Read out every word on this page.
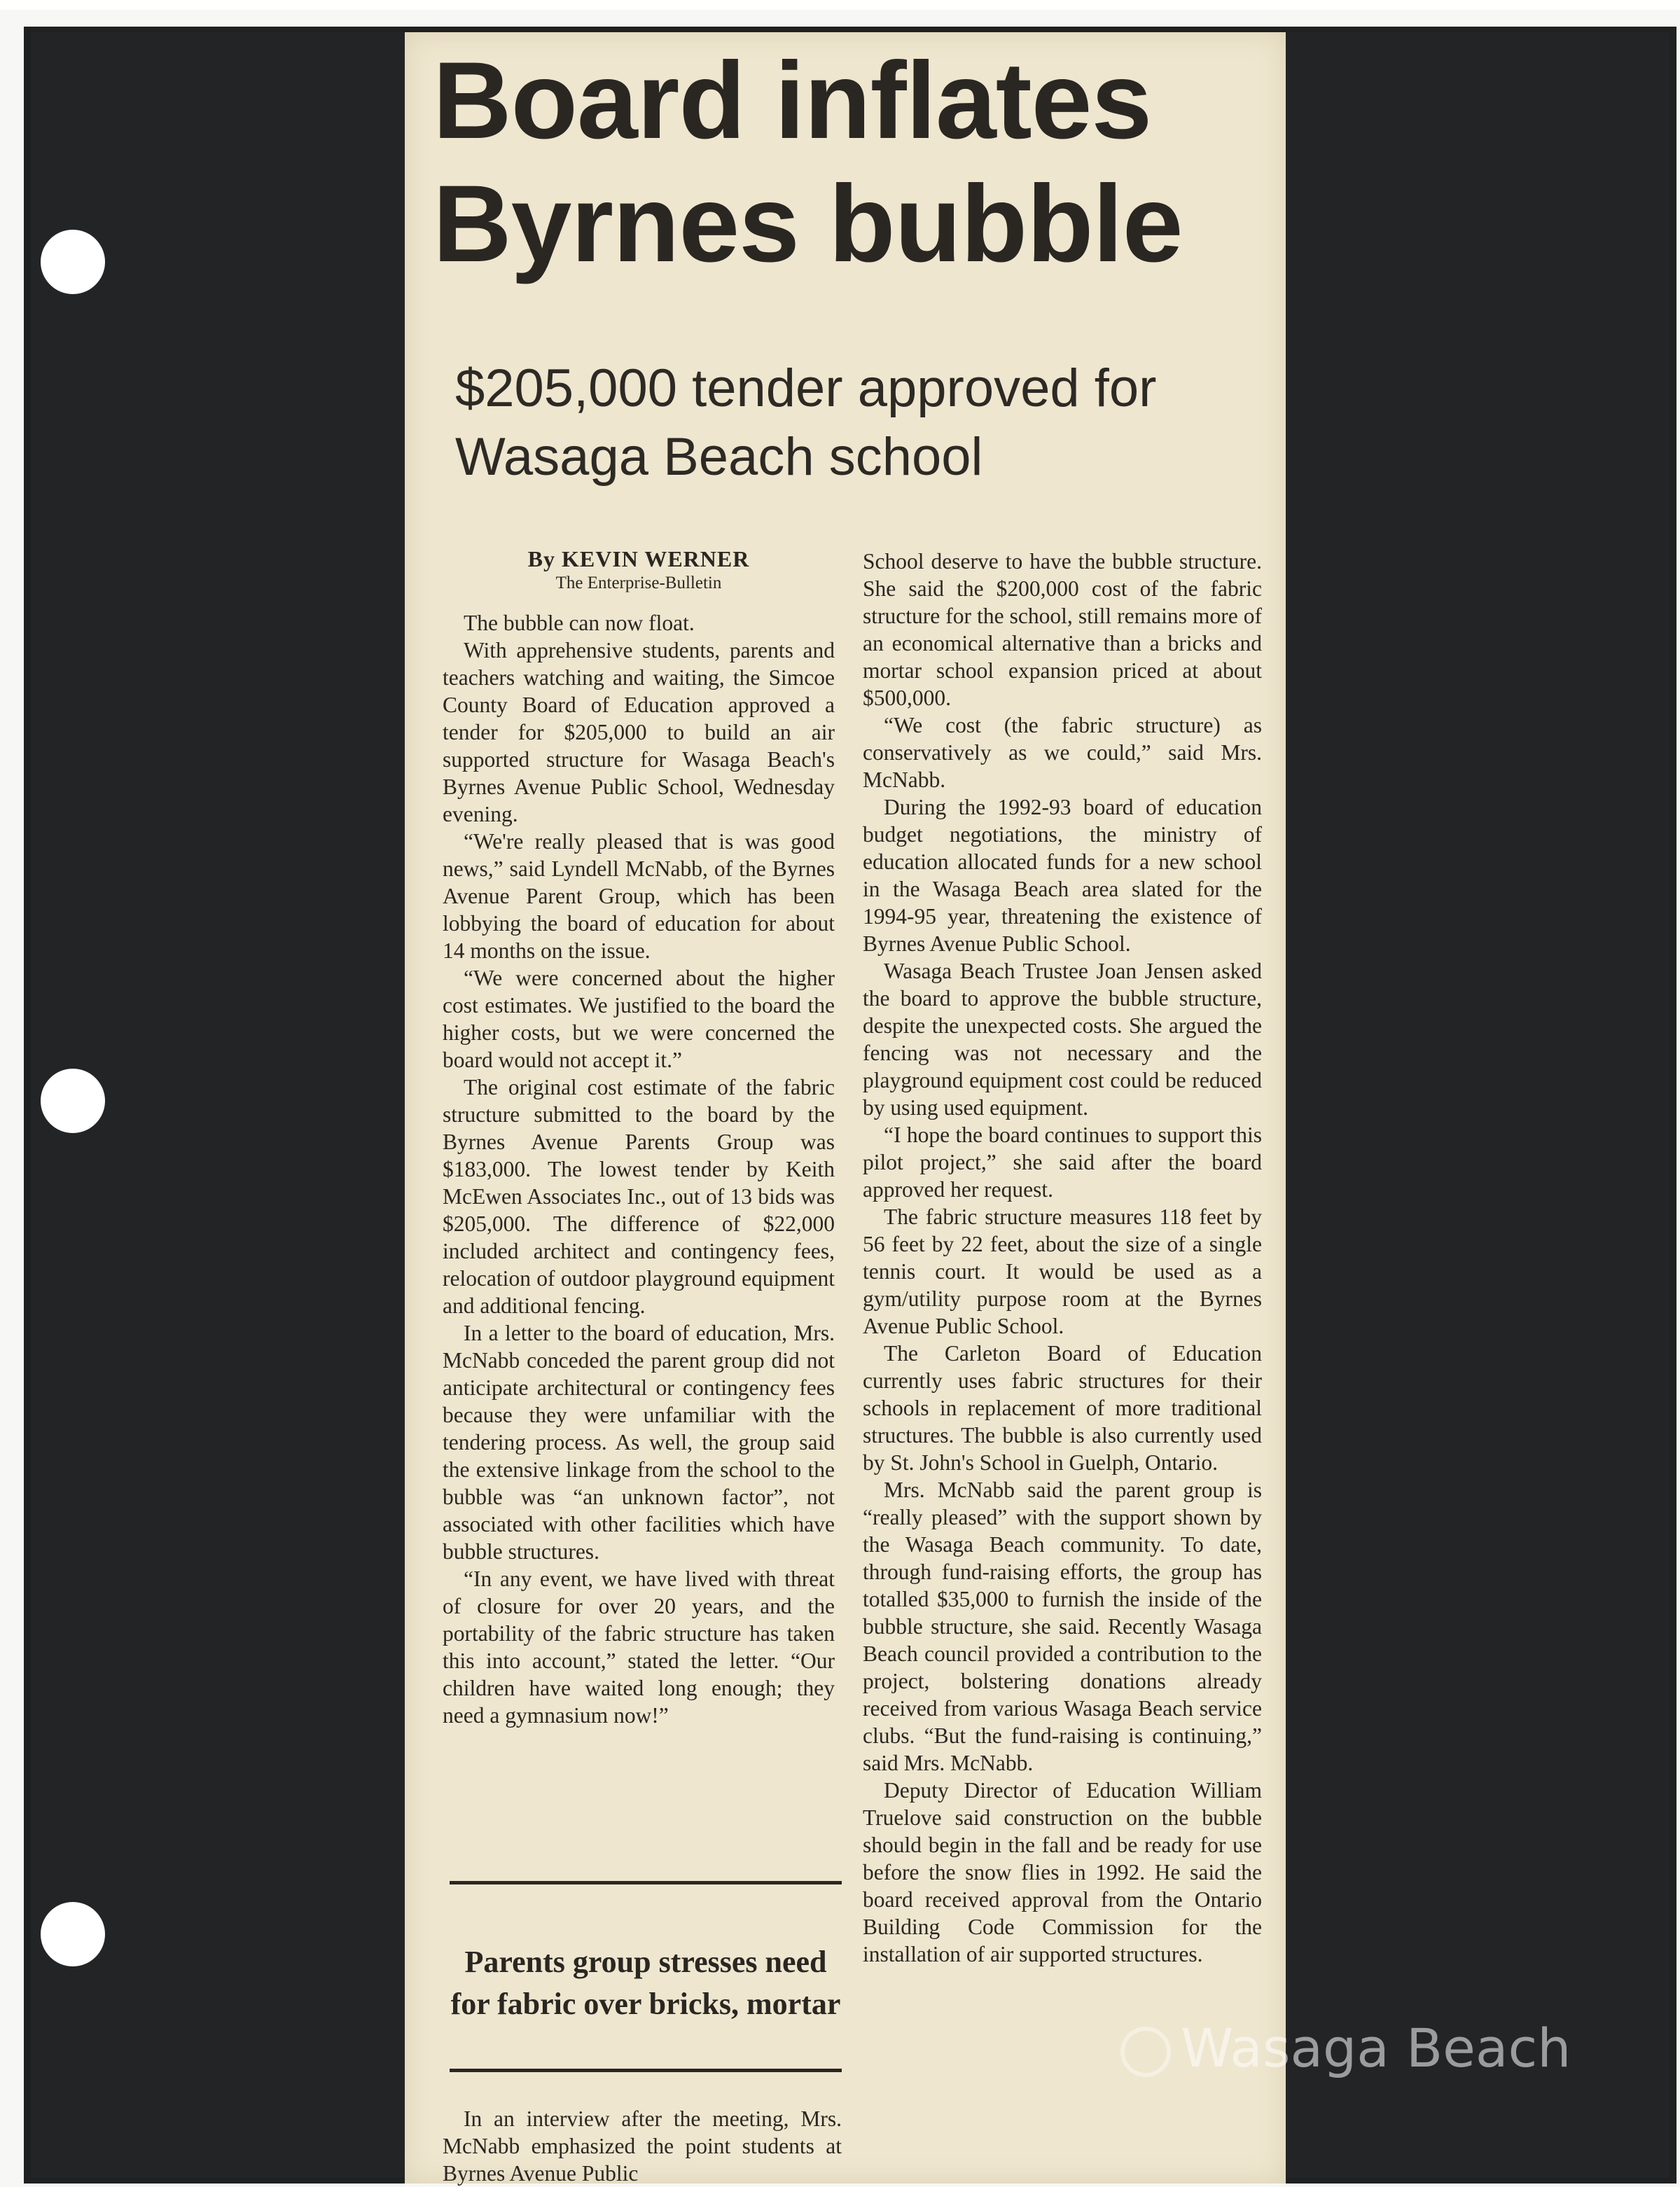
Board inflates Byrnes bubble
$205,000 tender approved for Wasaga Beach school
By KEVIN WERNER
The Enterprise-Bulletin

The bubble can now float.

With apprehensive students, parents and teachers watching and waiting, the Simcoe County Board of Education approved a tender for $205,000 to build an air supported structure for Wasaga Beach's Byrnes Avenue Public School, Wednesday evening.

“We're really pleased that is was good news,” said Lyndell McNabb, of the Byrnes Avenue Parent Group, which has been lobbying the board of education for about 14 months on the issue.

“We were concerned about the higher cost estimates. We justified to the board the higher costs, but we were concerned the board would not accept it.”

The original cost estimate of the fabric structure submitted to the board by the Byrnes Avenue Parents Group was $183,000. The lowest tender by Keith McEwen Associates Inc., out of 13 bids was $205,000. The difference of $22,000 included architect and contingency fees, relocation of outdoor playground equipment and additional fencing.

In a letter to the board of education, Mrs. McNabb conceded the parent group did not anticipate architectural or contingency fees because they were unfamiliar with the tendering process. As well, the group said the extensive linkage from the school to the bubble was “an unknown factor”, not associated with other facilities which have bubble structures.

“In any event, we have lived with threat of closure for over 20 years, and the portability of the fabric structure has taken this into account,” stated the letter. “Our children have waited long enough; they need a gymnasium now!”

Parents group stresses need for fabric over bricks, mortar

In an interview after the meeting, Mrs. McNabb emphasized the point students at Byrnes Avenue Public

School deserve to have the bubble structure. She said the $200,000 cost of the fabric structure for the school, still remains more of an economical alternative than a bricks and mortar school expansion priced at about $500,000.

“We cost (the fabric structure) as conservatively as we could,” said Mrs. McNabb.

During the 1992-93 board of education budget negotiations, the ministry of education allocated funds for a new school in the Wasaga Beach area slated for the 1994-95 year, threatening the existence of Byrnes Avenue Public School.

Wasaga Beach Trustee Joan Jensen asked the board to approve the bubble structure, despite the unexpected costs. She argued the fencing was not necessary and the playground equipment cost could be reduced by using used equipment.

“I hope the board continues to support this pilot project,” she said after the board approved her request.

The fabric structure measures 118 feet by 56 feet by 22 feet, about the size of a single tennis court. It would be used as a gym/utility purpose room at the Byrnes Avenue Public School.

The Carleton Board of Education currently uses fabric structures for their schools in replacement of more traditional structures. The bubble is also currently used by St. John's School in Guelph, Ontario.

Mrs. McNabb said the parent group is “really pleased” with the support shown by the Wasaga Beach community. To date, through fund-raising efforts, the group has totalled $35,000 to furnish the inside of the bubble structure, she said. Recently Wasaga Beach council provided a contribution to the project, bolstering donations already received from various Wasaga Beach service clubs. “But the fund-raising is continuing,” said Mrs. McNabb.

Deputy Director of Education William Truelove said construction on the bubble should begin in the fall and be ready for use before the snow flies in 1992. He said the board received approval from the Ontario Building Code Commission for the installation of air supported structures.

Wasaga Beach
